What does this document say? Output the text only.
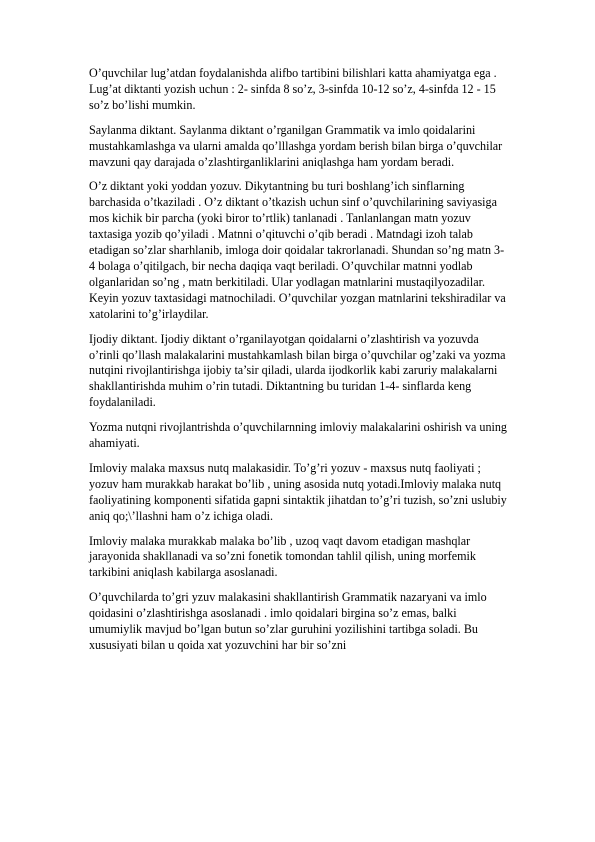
O’quvchilar lug’atdan foydalanishda alifbo tartibini bilishlari katta ahamiyatga ega . Lug’at diktanti yozish uchun : 2- sinfda 8 so’z, 3-sinfda 10-12 so’z, 4-sinfda 12 - 15 so’z bo’lishi mumkin.

Saylanma diktant. Saylanma diktant o’rganilgan Grammatik va imlo qoidalarini mustahkamlashga va ularni amalda qo’lllashga yordam berish bilan birga o’quvchilar mavzuni qay darajada o’zlashtirganliklarini aniqlashga ham yordam beradi.

O’z diktant yoki yoddan yozuv. Dikytantning bu turi boshlang’ich sinflarning barchasida o’tkaziladi . O’z diktant o’tkazish uchun sinf o’quvchilarining saviyasiga mos kichik bir parcha (yoki biror to’rtlik) tanlanadi . Tanlanlangan matn yozuv taxtasiga yozib qo’yiladi . Matnni o’qituvchi o’qib beradi . Matndagi izoh talab etadigan so’zlar sharhlanib, imloga doir qoidalar takrorlanadi. Shundan so’ng matn 3-4 bolaga o’qitilgach, bir necha daqiqa vaqt beriladi. O’quvchilar matnni yodlab olganlaridan so’ng , matn berkitiladi. Ular yodlagan matnlarini mustaqilyozadilar. Keyin yozuv taxtasidagi matnochiladi. O’quvchilar yozgan matnlarini tekshiradilar va xatolarini to’g’irlaydilar.

Ijodiy diktant. Ijodiy diktant o’rganilayotgan qoidalarni o’zlashtirish va yozuvda o’rinli qo’llash malakalarini mustahkamlash bilan birga o’quvchilar og’zaki va yozma nutqini rivojlantirishga ijobiy ta’sir qiladi, ularda ijodkorlik kabi zaruriy malakalarni shakllantirishda muhim o’rin tutadi. Diktantning bu turidan 1-4- sinflarda keng foydalaniladi.

Yozma nutqni rivojlantrishda o’quvchilarnning imloviy malakalarini oshirish va uning ahamiyati.

Imloviy malaka maxsus nutq malakasidir. To’g’ri yozuv - maxsus nutq faoliyati ; yozuv ham murakkab harakat bo’lib , uning asosida nutq yotadi.Imloviy malaka nutq faoliyatining komponenti sifatida gapni sintaktik jihatdan to’g’ri tuzish, so’zni uslubiy aniq qo;\’llashni ham o’z ichiga oladi.

Imloviy malaka murakkab malaka bo’lib , uzoq vaqt davom etadigan mashqlar jarayonida shakllanadi va so’zni fonetik tomondan tahlil qilish, uning morfemik tarkibini aniqlash kabilarga asoslanadi.

O’quvchilarda to’gri yzuv malakasini shakllantirish Grammatik nazaryani va imlo qoidasini o’zlashtirishga asoslanadi . imlo qoidalari birgina so’z emas, balki umumiylik mavjud bo’lgan butun so’zlar guruhini yozilishini tartibga soladi. Bu xususiyati bilan u qoida xat yozuvchini har bir so’zni
